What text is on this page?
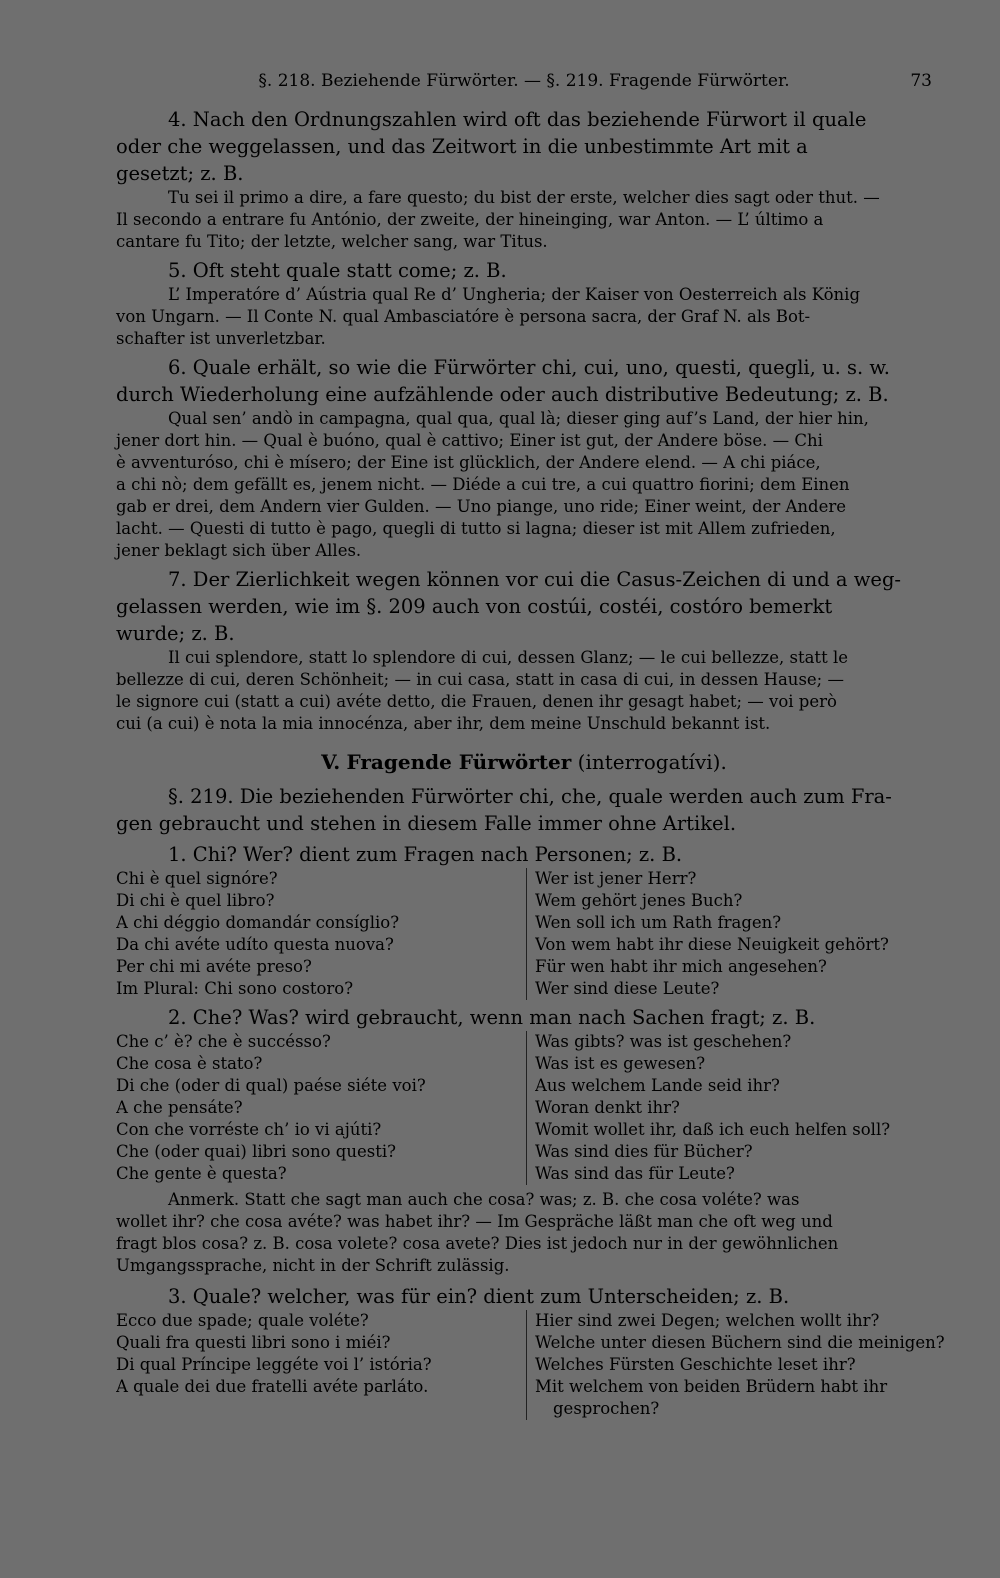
§. 218. Beziehende Fürwörter. — §. 219. Fragende Fürwörter.	73

4. Nach den Ordnungszahlen wird oft das beziehende Fürwort il quale

oder che weggelassen, und das Zeitwort in die unbestimmte Art mit a

gesetzt; z. B.

Tu sei il primo a dire, a fare questo; du bist der erste, welcher dies sagt oder thut. —

Il secondo a entrare fu António, der zweite, der hineinging, war Anton. — L’ último a

cantare fu Tito; der letzte, welcher sang, war Titus.

5. Oft steht quale statt come; z. B.

L’ Imperatóre d’ Aústria qual Re d’ Ungheria; der Kaiser von Oesterreich als König

von Ungarn. — Il Conte N. qual Ambasciatóre è persona sacra, der Graf N. als Bot-

schafter ist unverletzbar.

6. Quale erhält, so wie die Fürwörter chi, cui, uno, questi, quegli, u. s. w.

durch Wiederholung eine aufzählende oder auch distributive Bedeutung; z. B.

Qual sen’ andò in campagna, qual qua, qual là; dieser ging auf’s Land, der hier hin,

jener dort hin. — Qual è buóno, qual è cattivo; Einer ist gut, der Andere böse. — Chi

è avventuróso, chi è mísero; der Eine ist glücklich, der Andere elend. — A chi piáce,

a chi nò; dem gefällt es, jenem nicht. — Diéde a cui tre, a cui quattro fiorini; dem Einen

gab er drei, dem Andern vier Gulden. — Uno piange, uno ride; Einer weint, der Andere

lacht. — Questi di tutto è pago, quegli di tutto si lagna; dieser ist mit Allem zufrieden,

jener beklagt sich über Alles.

7. Der Zierlichkeit wegen können vor cui die Casus-Zeichen di und a weg-

gelassen werden, wie im §. 209 auch von costúi, costéi, costóro bemerkt

wurde; z. B.

Il cui splendore, statt lo splendore di cui, dessen Glanz; — le cui bellezze, statt le

bellezze di cui, deren Schönheit; — in cui casa, statt in casa di cui, in dessen Hause; —

le signore cui (statt a cui) avéte detto, die Frauen, denen ihr gesagt habet; — voi però

cui (a cui) è nota la mia innocénza, aber ihr, dem meine Unschuld bekannt ist.

V. Fragende Fürwörter (interrogatívi).

§. 219. Die beziehenden Fürwörter chi, che, quale werden auch zum Fra-

gen gebraucht und stehen in diesem Falle immer ohne Artikel.

1. Chi? Wer? dient zum Fragen nach Personen; z. B.

Chi è quel signóre?
Di chi è quel libro?
A chi déggio domandár consíglio?
Da chi avéte udíto questa nuova?
Per chi mi avéte preso?
Im Plural: Chi sono costoro?
Wer ist jener Herr?
Wem gehört jenes Buch?
Wen soll ich um Rath fragen?
Von wem habt ihr diese Neuigkeit gehört?
Für wen habt ihr mich angesehen?
Wer sind diese Leute?

2. Che? Was? wird gebraucht, wenn man nach Sachen fragt; z. B.

Che c’ è? che è succésso?
Che cosa è stato?
Di che (oder di qual) paése siéte voi?
A che pensáte?
Con che vorréste ch’ io vi ajúti?
Che (oder quai) libri sono questi?
Che gente è questa?
Was gibts? was ist geschehen?
Was ist es gewesen?
Aus welchem Lande seid ihr?
Woran denkt ihr?
Womit wollet ihr, daß ich euch helfen soll?
Was sind dies für Bücher?
Was sind das für Leute?

Anmerk. Statt che sagt man auch che cosa? was; z. B. che cosa voléte? was

wollet ihr? che cosa avéte? was habet ihr? — Im Gespräche läßt man che oft weg und

fragt blos cosa? z. B. cosa volete? cosa avete? Dies ist jedoch nur in der gewöhnlichen

Umgangssprache, nicht in der Schrift zulässig.

3. Quale? welcher, was für ein? dient zum Unterscheiden; z. B.

Ecco due spade; quale voléte?
Quali fra questi libri sono i miéi?
Di qual Príncipe leggéte voi l’ istória?
A quale dei due fratelli avéte parláto.
Hier sind zwei Degen; welchen wollt ihr?
Welche unter diesen Büchern sind die meinigen?
Welches Fürsten Geschichte leset ihr?
Mit welchem von beiden Brüdern habt ihr
gesprochen?
